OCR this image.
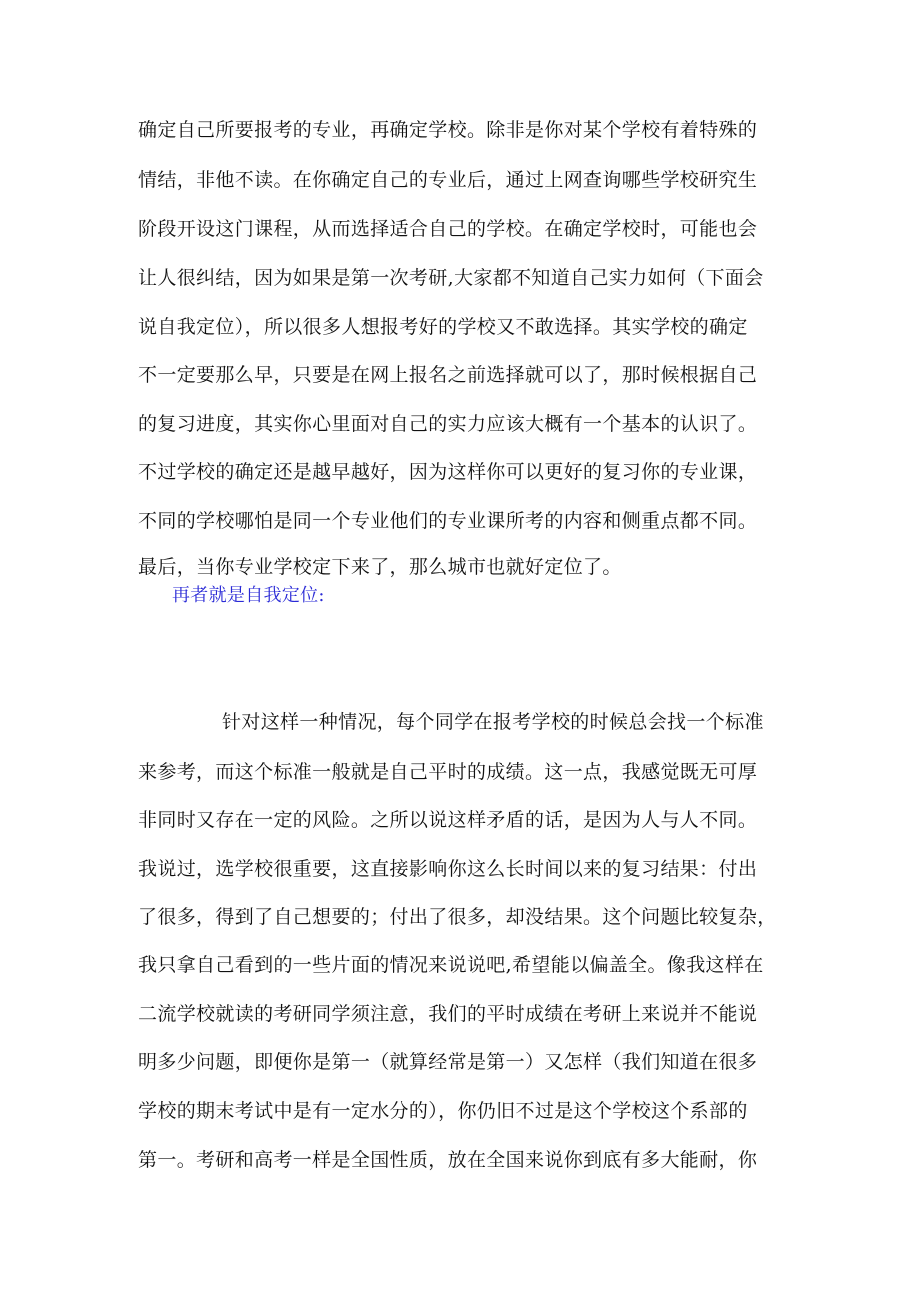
确定自己所要报考的专业，再确定学校。除非是你对某个学校有着特殊的
情结，非他不读。在你确定自己的专业后，通过上网查询哪些学校研究生
阶段开设这门课程，从而选择适合自己的学校。在确定学校时，可能也会
让人很纠结，因为如果是第一次考研,大家都不知道自己实力如何（下面会
说自我定位），所以很多人想报考好的学校又不敢选择。其实学校的确定
不一定要那么早，只要是在网上报名之前选择就可以了，那时候根据自己
的复习进度，其实你心里面对自己的实力应该大概有一个基本的认识了。
不过学校的确定还是越早越好，因为这样你可以更好的复习你的专业课，
不同的学校哪怕是同一个专业他们的专业课所考的内容和侧重点都不同。
最后，当你专业学校定下来了，那么城市也就好定位了。
再者就是自我定位:
针对这样一种情况，每个同学在报考学校的时候总会找一个标准
来参考，而这个标准一般就是自己平时的成绩。这一点，我感觉既无可厚
非同时又存在一定的风险。之所以说这样矛盾的话，是因为人与人不同。
我说过，选学校很重要，这直接影响你这么长时间以来的复习结果：付出
了很多，得到了自己想要的；付出了很多，却没结果。这个问题比较复杂，
我只拿自己看到的一些片面的情况来说说吧,希望能以偏盖全。像我这样在
二流学校就读的考研同学须注意，我们的平时成绩在考研上来说并不能说
明多少问题，即便你是第一（就算经常是第一）又怎样（我们知道在很多
学校的期末考试中是有一定水分的），你仍旧不过是这个学校这个系部的
第一。考研和高考一样是全国性质，放在全国来说你到底有多大能耐，你
